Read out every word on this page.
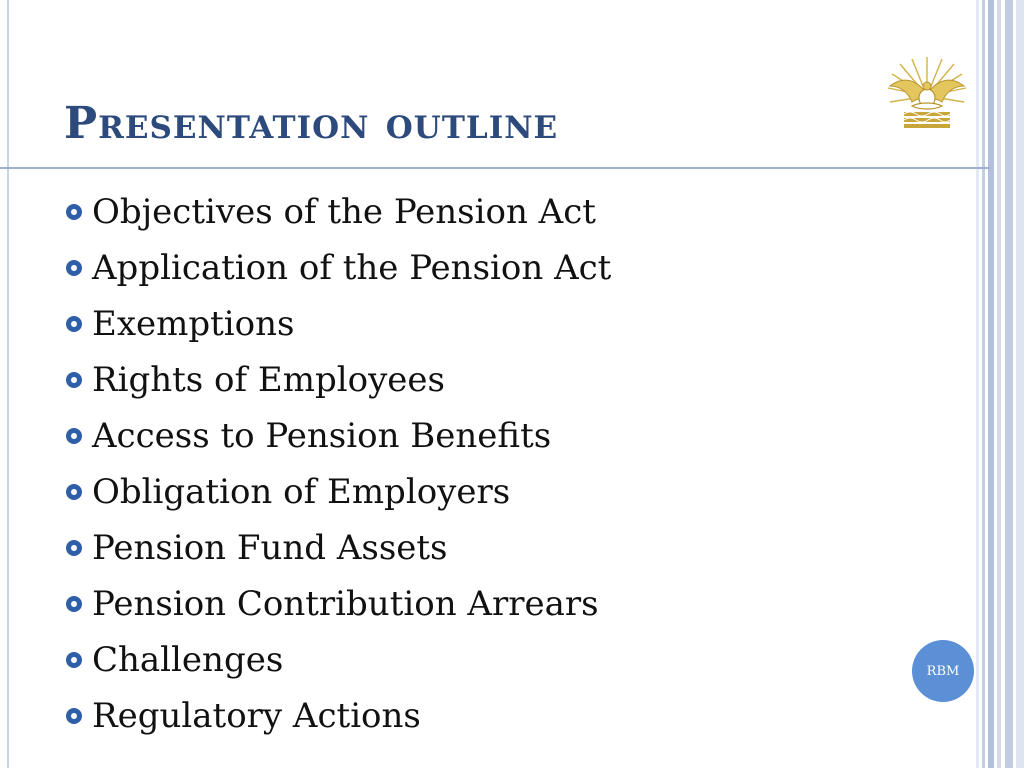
Presentation outline
Objectives of the Pension Act
Application of the Pension Act
Exemptions
Rights of Employees
Access to Pension Benefits
Obligation of Employers
Pension Fund Assets
Pension Contribution Arrears
Challenges
Regulatory Actions
RBM
